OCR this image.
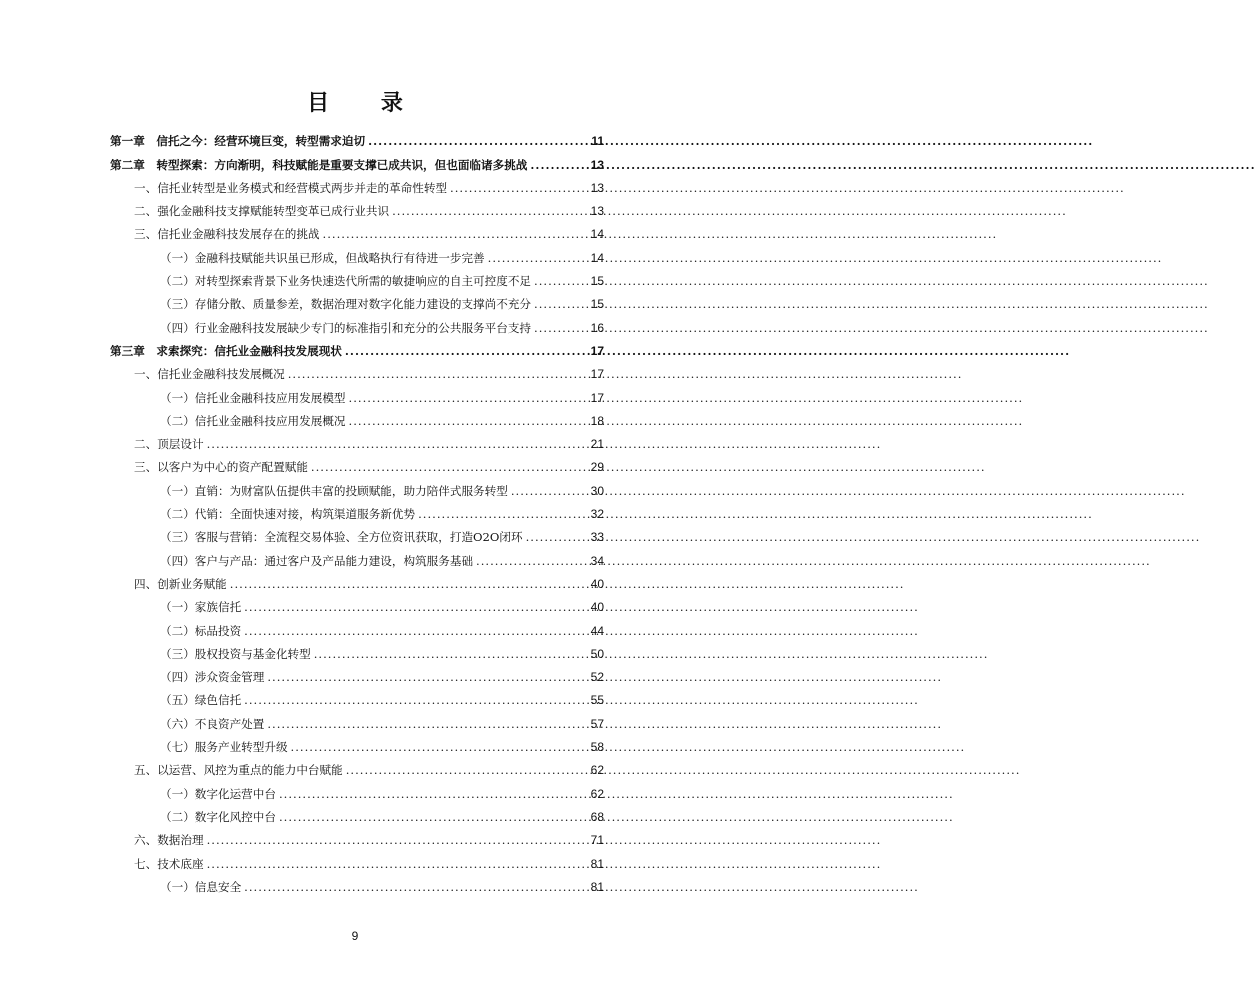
目 录
第一章　信托之今：经营环境巨变，转型需求迫切 .....	11
第二章　转型探索：方向渐明，科技赋能是重要支撑已成共识，但也面临诸多挑战 .....	13
一、信托业转型是业务模式和经营模式两步并走的革命性转型 .....	13
二、强化金融科技支撑赋能转型变革已成行业共识 .....	13
三、信托业金融科技发展存在的挑战 .....	14
（一）金融科技赋能共识虽已形成，但战略执行有待进一步完善 .....	14
（二）对转型探索背景下业务快速迭代所需的敏捷响应的自主可控度不足 .....	15
（三）存储分散、质量参差，数据治理对数字化能力建设的支撑尚不充分 .....	15
（四）行业金融科技发展缺少专门的标准指引和充分的公共服务平台支持 .....	16
第三章　求索探究：信托业金融科技发展现状 .....	17
一、信托业金融科技发展概况 .....	17
（一）信托业金融科技应用发展模型 .....	17
（二）信托业金融科技应用发展概况 .....	18
二、顶层设计 .....	21
三、以客户为中心的资产配置赋能 .....	29
（一）直销：为财富队伍提供丰富的投顾赋能，助力陪伴式服务转型 .....	30
（二）代销：全面快速对接，构筑渠道服务新优势 .....	32
（三）客服与营销：全流程交易体验、全方位资讯获取，打造O2O闭环 .....	33
（四）客户与产品：通过客户及产品能力建设，构筑服务基础 .....	34
四、创新业务赋能 .....	40
（一）家族信托 .....	40
（二）标品投资 .....	44
（三）股权投资与基金化转型 .....	50
（四）涉众资金管理 .....	52
（五）绿色信托 .....	55
（六）不良资产处置 .....	57
（七）服务产业转型升级 .....	58
五、以运营、风控为重点的能力中台赋能 .....	62
（一）数字化运营中台 .....	62
（二）数字化风控中台 .....	68
六、数据治理 .....	71
七、技术底座 .....	81
（一）信息安全 .....	81
9
